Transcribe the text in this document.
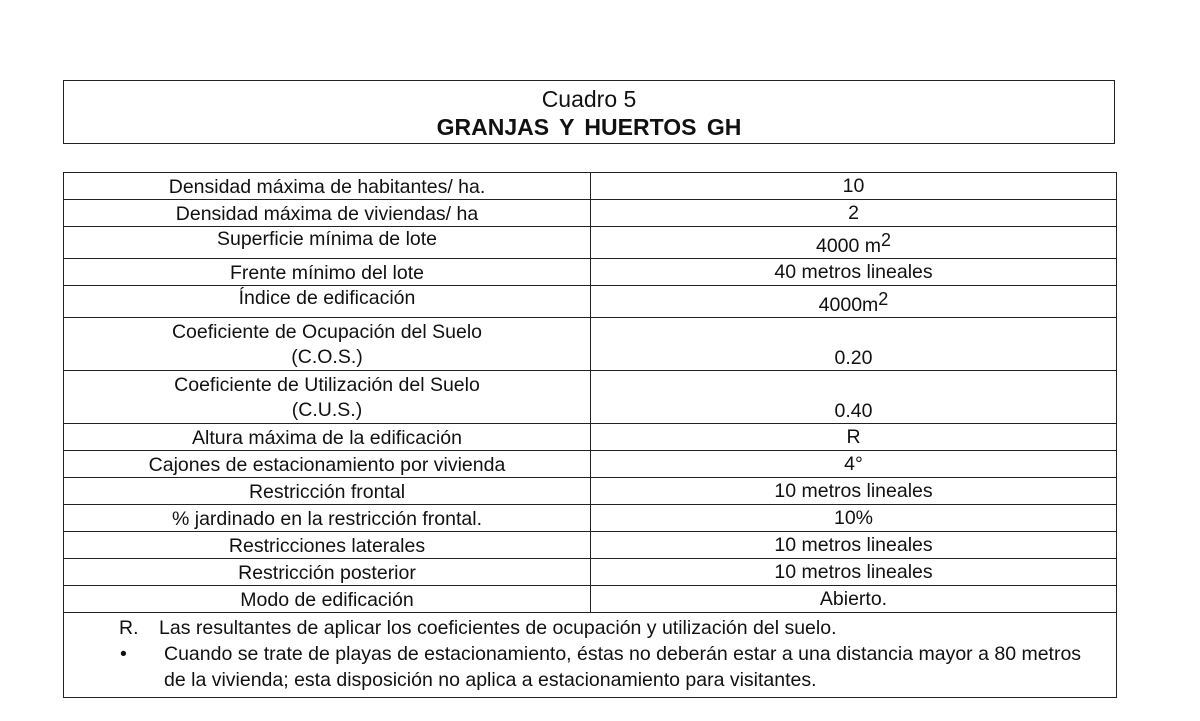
Cuadro 5
GRANJAS Y HUERTOS GH
Densidad máxima de habitantes/ ha.	10
Densidad máxima de viviendas/ ha	2
Superficie mínima de lote	4000 $m^2$
Frente mínimo del lote	40 metros lineales
Índice de edificación	$4000m^2$
Coeficiente de Ocupación del Suelo
(C.O.S.)	0.20
Coeficiente de Utilización del Suelo
(C.U.S.)	0.40
Altura máxima de la edificación	R
Cajones de estacionamiento por vivienda	4°
Restricción frontal	10 metros lineales
% jardinado en la restricción frontal.	10%
Restricciones laterales	10 metros lineales
Restricción posterior	10 metros lineales
Modo de edificación	Abierto.

R. Las resultantes de aplicar los coeficientes de ocupación y utilización del suelo.
• Cuando se trate de playas de estacionamiento, éstas no deberán estar a una distancia mayor a 80 metros de la vivienda; esta disposición no aplica a estacionamiento para visitantes.	
